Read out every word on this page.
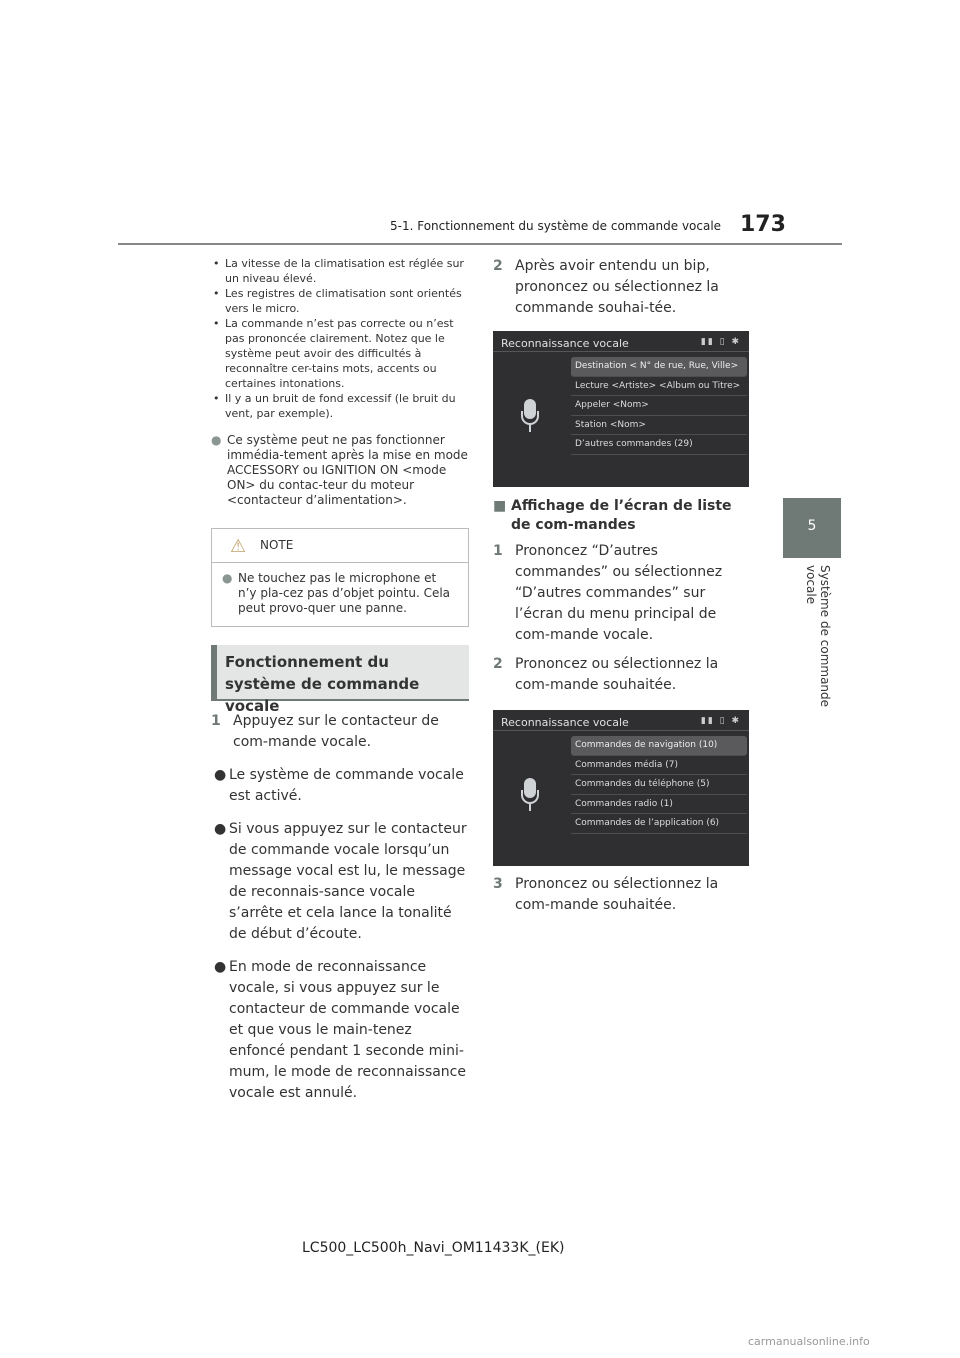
5-1. Fonctionnement du système de commande vocale 173
5
Système de commande vocale
• La vitesse de la climatisation est réglée sur un niveau élevé.
• Les registres de climatisation sont orientés vers le micro.
• La commande n’est pas correcte ou n’est pas prononcée clairement. Notez que le système peut avoir des difficultés à reconnaître cer-tains mots, accents ou certaines intonations.
• Il y a un bruit de fond excessif (le bruit du vent, par exemple).
● Ce système peut ne pas fonctionner immédia-tement après la mise en mode ACCESSORY ou IGNITION ON <mode ON> du contac-teur du moteur <contacteur d’alimentation>.
⚠ NOTE
● Ne touchez pas le microphone et n’y pla-cez pas d’objet pointu. Cela peut provo-quer une panne.
Fonctionnement du système de commande vocale
1 Appuyez sur le contacteur de com-mande vocale.
● Le système de commande vocale est activé.
● Si vous appuyez sur le contacteur de commande vocale lorsqu’un message vocal est lu, le message de reconnais-sance vocale s’arrête et cela lance la tonalité de début d’écoute.
● En mode de reconnaissance vocale, si vous appuyez sur le contacteur de commande vocale et que vous le main-tenez enfoncé pendant 1 seconde mini-mum, le mode de reconnaissance vocale est annulé.
2 Après avoir entendu un bip, prononcez ou sélectionnez la commande souhai-tée.
Reconnaissance vocale	▮▮ ▯ ✱
Destination < N° de rue, Rue, Ville>
Lecture <Artiste> <Album ou Titre>
Appeler <Nom>
Station <Nom>
D’autres commandes (29)
■ Affichage de l’écran de liste de com-mandes
1 Prononcez “D’autres commandes” ou sélectionnez “D’autres commandes” sur l’écran du menu principal de com-mande vocale.
2 Prononcez ou sélectionnez la com-mande souhaitée.
Reconnaissance vocale	▮▮ ▯ ✱
Commandes de navigation (10)
Commandes média (7)
Commandes du téléphone (5)
Commandes radio (1)
Commandes de l’application (6)
3 Prononcez ou sélectionnez la com-mande souhaitée.
LC500_LC500h_Navi_OM11433K_(EK)
carmanualsonline.info
